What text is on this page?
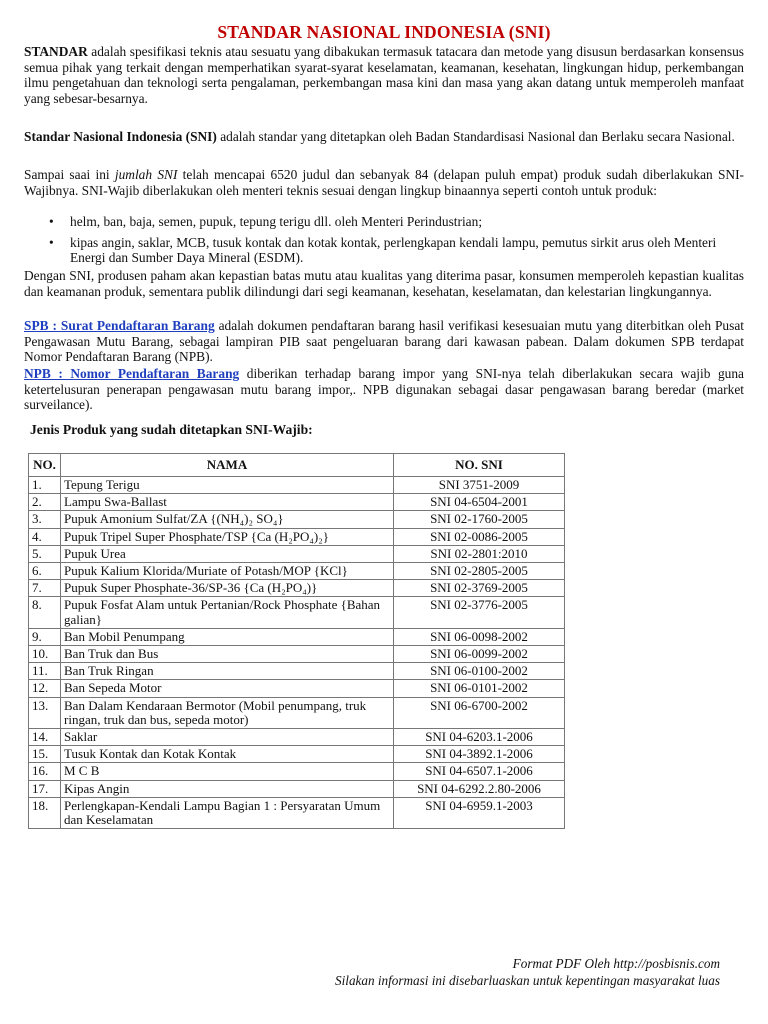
STANDAR NASIONAL INDONESIA (SNI)

STANDAR adalah spesifikasi teknis atau sesuatu yang dibakukan termasuk tatacara dan metode yang disusun berdasarkan konsensus semua pihak yang terkait dengan memperhatikan syarat-syarat keselamatan, keamanan, kesehatan, lingkungan hidup, perkembangan ilmu pengetahuan dan teknologi serta pengalaman, perkembangan masa kini dan masa yang akan datang untuk memperoleh manfaat yang sebesar-besarnya.

Standar Nasional Indonesia (SNI) adalah standar yang ditetapkan oleh Badan Standardisasi Nasional dan Berlaku secara Nasional.

Sampai saai ini jumlah SNI telah mencapai 6520 judul dan sebanyak 84 (delapan puluh empat) produk sudah diberlakukan SNI-Wajibnya. SNI-Wajib diberlakukan oleh menteri teknis sesuai dengan lingkup binaannya seperti contoh untuk produk:

• helm, ban, baja, semen, pupuk, tepung terigu dll. oleh Menteri Perindustrian;
• kipas angin, saklar, MCB, tusuk kontak dan kotak kontak, perlengkapan kendali lampu, pemutus sirkit arus oleh Menteri Energi dan Sumber Daya Mineral (ESDM).

Dengan SNI, produsen paham akan kepastian batas mutu atau kualitas yang diterima pasar, konsumen memperoleh kepastian kualitas dan keamanan produk, sementara publik dilindungi dari segi keamanan, kesehatan, keselamatan, dan kelestarian lingkungannya.

SPB : Surat Pendaftaran Barang adalah dokumen pendaftaran barang hasil verifikasi kesesuaian mutu yang diterbitkan oleh Pusat Pengawasan Mutu Barang, sebagai lampiran PIB saat pengeluaran barang dari kawasan pabean. Dalam dokumen SPB terdapat Nomor Pendaftaran Barang (NPB).

NPB : Nomor Pendaftaran Barang diberikan terhadap barang impor yang SNI-nya telah diberlakukan secara wajib guna ketertelusuran penerapan pengawasan mutu barang impor,. NPB digunakan sebagai dasar pengawasan barang beredar (market surveilance).

Jenis Produk yang sudah ditetapkan SNI-Wajib:
NO.	NAMA	NO. SNI
1.	Tepung Terigu	SNI 3751-2009
2.	Lampu Swa-Ballast	SNI 04-6504-2001
3.	Pupuk Amonium Sulfat/ZA {(NH₄)₂ SO₄}	SNI 02-1760-2005
4.	Pupuk Tripel Super Phosphate/TSP {Ca (H₂PO₄)₂}	SNI 02-0086-2005
5.	Pupuk Urea	SNI 02-2801:2010
6.	Pupuk Kalium Klorida/Muriate of Potash/MOP {KCl}	SNI 02-2805-2005
7.	Pupuk Super Phosphate-36/SP-36 {Ca (H₂PO₄)}	SNI 02-3769-2005
8.	Pupuk Fosfat Alam untuk Pertanian/Rock Phosphate {Bahan galian}	SNI 02-3776-2005
9.	Ban Mobil Penumpang	SNI 06-0098-2002
10.	Ban Truk dan Bus	SNI 06-0099-2002
11.	Ban Truk Ringan	SNI 06-0100-2002
12.	Ban Sepeda Motor	SNI 06-0101-2002
13.	Ban Dalam Kendaraan Bermotor (Mobil penumpang, truk ringan, truk dan bus, sepeda motor)	SNI 06-6700-2002
14.	Saklar	SNI 04-6203.1-2006
15.	Tusuk Kontak dan Kotak Kontak	SNI 04-3892.1-2006
16.	M C B	SNI 04-6507.1-2006
17.	Kipas Angin	SNI 04-6292.2.80-2006
18.	Perlengkapan-Kendali Lampu Bagian 1 : Persyaratan Umum dan Keselamatan	SNI 04-6959.1-2003
Format PDF Oleh http://posbisnis.com
Silakan informasi ini disebarluaskan untuk kepentingan masyarakat luas
